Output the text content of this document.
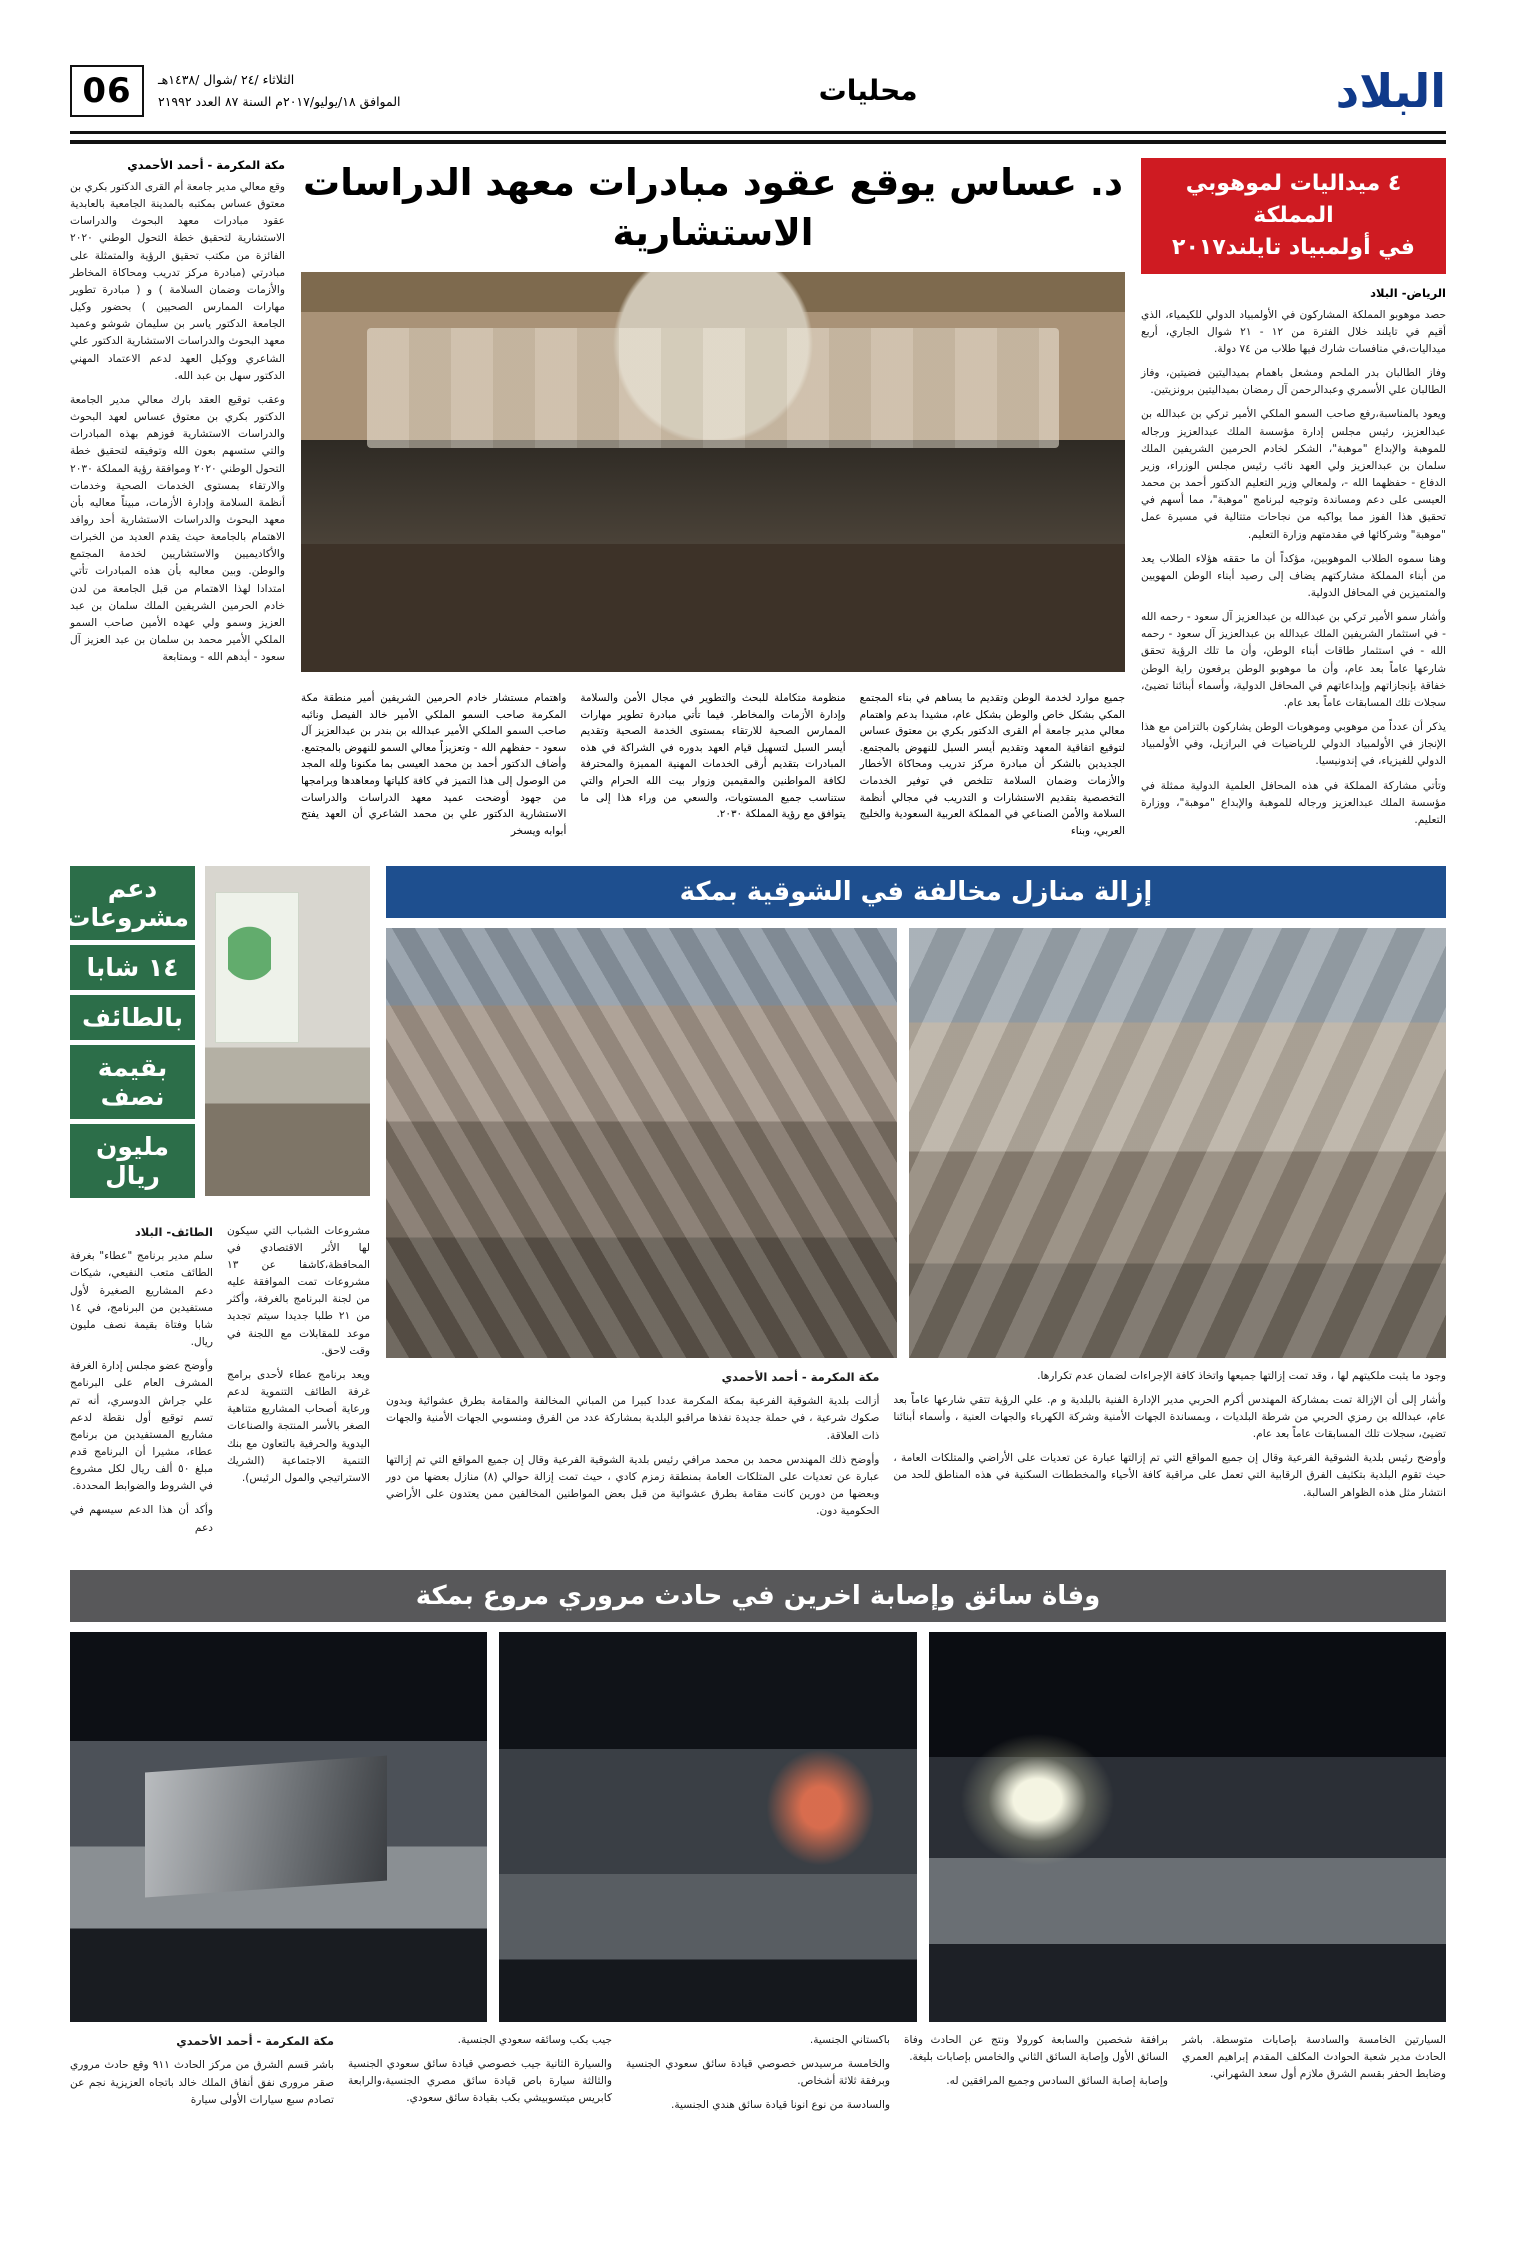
البلاد
محليات
الثلاثاء /٢٤ /شوال /١٤٣٨هـ
الموافق ١٨/يوليو/٢٠١٧م السنة ٨٧ العدد ٢١٩٩٢
06
٤ ميداليات لموهوبي المملكة
في أولمبياد تايلند٢٠١٧
الرياض- البلاد

حصد موهوبو المملكة المشاركون في الأولمبياد الدولي للكيمياء، الذي أقيم في تايلند خلال الفترة من ١٢ - ٢١ شوال الجاري، أربع ميداليات،في منافسات شارك فيها طلاب من ٧٤ دولة.

وفاز الطالبان بدر الملحم ومشعل باهمام بميداليتين فضيتين، وفاز الطالبان علي الأسمري وعبدالرحمن آل رمضان بميداليتين برونزيتين.

ويعود بالمناسبة،رفع صاحب السمو الملكي الأمير تركي بن عبدالله بن عبدالعزيز، رئيس مجلس إدارة مؤسسة الملك عبدالعزيز ورجاله للموهبة والإبداع "موهبة"، الشكر لخادم الحرمين الشريفين الملك سلمان بن عبدالعزيز ولي العهد نائب رئيس مجلس الوزراء، وزير الدفاع - حفظهما الله -، ولمعالي وزير التعليم الدكتور أحمد بن محمد العيسى على دعم ومساندة وتوجيه لبرنامج "موهبة"، مما أسهم في تحقيق هذا الفوز مما يواكبه من نجاحات متتالية في مسيرة عمل "موهبة" وشركائها في مقدمتهم وزارة التعليم.

وهنا سموه الطلاب الموهوبين، مؤكداً أن ما حققه هؤلاء الطلاب يعد من أبناء المملكة مشاركتهم يضاف إلى رصيد أبناء الوطن المهويين والمتميزين في المحافل الدولية.

وأشار سمو الأمير تركي بن عبدالله بن عبدالعزيز آل سعود - رحمه الله - في استثمار الشريفين الملك عبدالله بن عبدالعزيز آل سعود - رحمه الله - في استثمار طاقات أبناء الوطن، وأن ما تلك الرؤية تحقق شارعها عاماً بعد عام، وأن ما موهوبو الوطن يرفعون راية الوطن خفاقة بإنجازاتهم وإبداعاتهم في المحافل الدولية، وأسماء أبنائنا تضيئ، سجلات تلك المسابقات عاماً بعد عام.

يذكر أن عدداً من موهوبي وموهوبات الوطن يشاركون بالتزامن مع هذا الإنجاز في الأولمبياد الدولي للرياضيات في البرازيل، وفي الأولمبياد الدولي للفيزياء، في إندونيسيا.

وتأتي مشاركة المملكة في هذه المحافل العلمية الدولية ممثلة في مؤسسة الملك عبدالعزيز ورجاله للموهبة والإبداع "موهبة"، ووزارة التعليم.

د. عساس يوقع عقود مبادرات معهد الدراسات الاستشارية
جميع موارد لخدمة الوطن وتقديم ما يساهم في بناء المجتمع المكي بشكل خاص والوطن بشكل عام، مشيدا بدعم واهتمام معالي مدير جامعة أم القرى الدكتور بكري بن معتوق عساس لتوقيع اتفاقية المعهد وتقديم أيسر السبل للنهوض بالمجتمع. الجديدين بالشكر أن مبادرة مركز تدريب ومحاكاة الأخطار والأزمات وضمان السلامة تتلخص في توفير الخدمات التخصصية بتقديم الاستشارات و التدريب في مجالي أنظمة السلامة والأمن الصناعي في المملكة العربية السعودية والخليج العربي، وبناء
منظومة متكاملة للبحث والتطوير في مجال الأمن والسلامة وإدارة الأزمات والمخاطر. فيما تأتي مبادرة تطوير مهارات الممارس الصحية للارتقاء بمستوى الخدمة الصحية وتقديم أيسر السبل لتسهيل قيام العهد بدوره في الشراكة في هذه المبادرات بتقديم أرقى الخدمات المهنية المميزة والمحترفة لكافة المواطنين والمقيمين وزوار بيت الله الحرام والتي ستناسب جميع المستويات، والسعي من وراء هذا إلى ما يتوافق مع رؤية المملكة ٢٠٣٠.
واهتمام مستشار خادم الحرمين الشريفين أمير منطقة مكة المكرمة صاحب السمو الملكي الأمير خالد الفيصل ونائبه صاحب السمو الملكي الأمير عبدالله بن بندر بن عبدالعزيز آل سعود - حفظهم الله - وتعزيزاً معالي السمو للنهوض بالمجتمع. وأضاف الدكتور أحمد بن محمد العيسى بما مكنونا ولله المجد من الوصول إلى هذا التميز في كافة كلياتها ومعاهدها وبرامجها من جهود أوضحت عميد معهد الدراسات والدراسات الاستشارية الدكتور علي بن محمد الشاعري أن العهد يفتح أبوابه ويسخر
مكة المكرمة - أحمد الأحمدي

وقع معالي مدير جامعة أم القرى الدكتور بكري بن معتوق عساس بمكتبه بالمدينة الجامعية بالعابدية عقود مبادرات معهد البحوث والدراسات الاستشارية لتحقيق خطة التحول الوطني ٢٠٢٠ الفائزة من مكتب تحقيق الرؤية والمتمثلة على مبادرتي (مبادرة مركز تدريب ومحاكاة المخاطر والأزمات وضمان السلامة ) و ( مبادرة تطوير مهارات الممارس الصحيين ) بحضور وكيل الجامعة الدكتور ياسر بن سليمان شوشو وعميد معهد البحوث والدراسات الاستشارية الدكتور علي الشاعري ووكيل العهد لدعم الاعتماد المهني الدكتور سهل بن عبد الله.

وعقب توقيع العقد بارك معالي مدير الجامعة الدكتور بكري بن معتوق عساس لعهد البحوث والدراسات الاستشارية فوزهم بهذه المبادرات والتي ستسهم بعون الله وتوفيقه لتحقيق خطة التحول الوطني ٢٠٢٠ وموافقة رؤية المملكة ٢٠٣٠ والارتقاء بمستوى الخدمات الصحية وخدمات أنظمة السلامة وإدارة الأزمات، مبيناً معاليه بأن معهد البحوث والدراسات الاستشارية أحد روافد الاهتمام بالجامعة حيث يقدم العديد من الخبرات والأكاديميين والاستشاريين لخدمة المجتمع والوطن. وبين معاليه بأن هذه المبادرات تأتي امتدادا لهذا الاهتمام من قبل الجامعة من لدن خادم الحرمين الشريفين الملك سلمان بن عبد العزيز وسمو ولي عهده الأمين صاحب السمو الملكي الأمير محمد بن سلمان بن عبد العزيز آل سعود - أيدهم الله - وبمتابعة

إزالة منازل مخالفة في الشوقية بمكة

وجود ما يثبت ملكيتهم لها ، وقد تمت إزالتها جميعها واتخاذ كافة الإجراءات لضمان عدم تكرارها.

وأشار إلى أن الإزالة تمت بمشاركة المهندس أكرم الحربي مدير الإدارة الفنية بالبلدية و م. علي الرؤية تتقي شارعها عاماً بعد عام، عبدالله بن رمزي الحربي من شرطة البلديات ، وبمساندة الجهات الأمنية وشركة الكهرباء والجهات العنية ، وأسماء أبنائنا تضيئ، سجلات تلك المسابقات عاماً بعد عام.

وأوضح رئيس بلدية الشوقية الفرعية وقال إن جميع المواقع التي تم إزالتها عبارة عن تعديات على الأراضي والمتلكات العامة ، حيث تقوم البلدية بتكثيف الفرق الرقابية التي تعمل على مراقبة كافة الأحياء والمخططات السكنية في هذه المناطق للحد من انتشار مثل هذه الظواهر السالبة.

مكة المكرمة - أحمد الأحمدي

أزالت بلدية الشوقية الفرعية بمكة المكرمة عددا كبيرا من المباني المخالفة والمقامة بطرق عشوائية وبدون صكوك شرعية ، في حملة جديدة نفذها مراقبو البلدية بمشاركة عدد من الفرق ومنسوبي الجهات الأمنية والجهات ذات العلاقة.

وأوضح ذلك المهندس محمد بن محمد مرافي رئيس بلدية الشوقية الفرعية وقال إن جميع المواقع التي تم إزالتها عبارة عن تعديات على المتلكات العامة بمنطقة زمزم كادي ، حيث تمت إزالة حوالي (٨) منازل بعضها من دور وبعضها من دورين كانت مقامة بطرق عشوائية من قبل بعض المواطنين المخالفين ممن يعتدون على الأراضي الحكومية دون.

دعم مشروعات
١٤ شابا
بالطائف
بقيمة نصف
مليون ريال

مشروعات الشباب التي سيكون لها الأثر الاقتصادي في المحافظة،كاشفا عن ١٣ مشروعات تمت الموافقة عليه من لجنة البرنامج بالغرفة، وأكثر من ٢١ طلبا جديدا سيتم تجديد موعد للمقابلات مع اللجنة في وقت لاحق.

ويعد برنامج عطاء لأحدى برامج غرفة الطائف التنموية لدعم ورعاية أصحاب المشاريع متناهية الصغر بالأسر المنتجة والصناعات اليدوية والحرفية بالتعاون مع بنك التنمية الاجتماعية (الشريك الاستراتيجي والمول الرئيس).

الطائف- البلاد

سلم مدير برنامج "عطاء" بغرفة الطائف متعب النفيعي، شيكات دعم المشاريع الصغيرة لأول مستفيدين من البرنامج، في ١٤ شابا وفتاة بقيمة نصف مليون ريال.

وأوضح عضو مجلس إدارة الغرفة المشرف العام على البرنامج علي جراش الدوسري، أنه تم تسم توقيع أول نقطة لدعم مشاريع المستفيدين من برنامج عطاء، مشيرا أن البرنامج قدم مبلغ ٥٠ ألف ريال لكل مشروع في الشروط والضوابط المحددة.

وأكد أن هذا الدعم سيسهم في دعم

وفاة سائق وإصابة اخرين في حادث مروري مروع بمكة

السيارتين الخامسة والسادسة بإصابات متوسطة. باشر الحادث مدير شعبة الحوادث المكلف المقدم إبراهيم العمري وضابط الحفر بقسم الشرق ملازم أول سعد الشهراني.

برافقة شخصين والسابعة كورولا ونتج عن الحادث وفاة السائق الأول وإصابة السائق الثاني والخامس بإصابات بليغة.

وإصابة إصابة السائق السادس وجميع المرافقين له.

باكستاني الجنسية.

والخامسة مرسيدس خصوصي قيادة سائق سعودي الجنسية وبرفقة ثلاثة أشخاص.

والسادسة من نوع انونا قيادة سائق هندي الجنسية.

جيب بكب وسائقه سعودي الجنسية.

والسيارة الثانية جيب خصوصي قيادة سائق سعودي الجنسية والثالثة سيارة باص قيادة سائق مصري الجنسية،والرابعة كابريس ميتسوبيشي بكب بقيادة سائق سعودي.

مكة المكرمة - أحمد الأحمدي

باشر قسم الشرق من مركز الحادث ٩١١ وقع حادث مروري صقر مرورى نفق أنفاق الملك خالد باتجاه العزيزية نجم عن تصادم سبع سيارات الأولى سيارة
